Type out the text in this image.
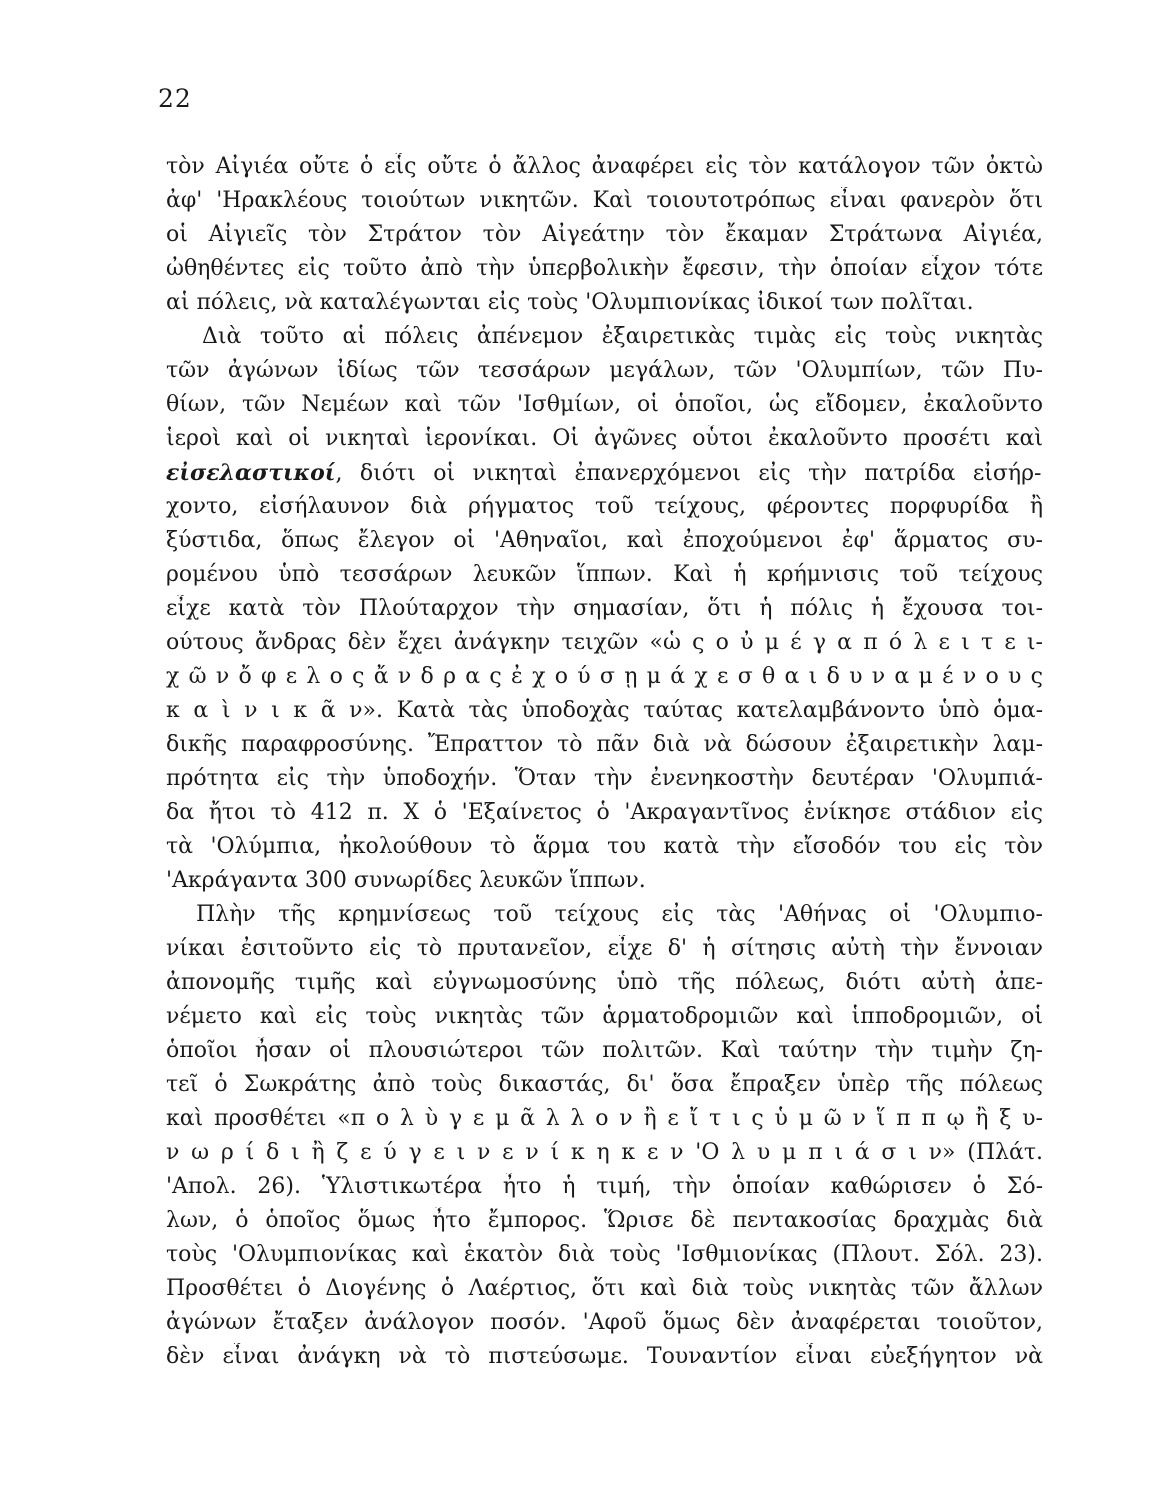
22
τὸν Αἰγιέα οὔτε ὁ εἷς οὔτε ὁ ἄλλος ἀναφέρει εἰς τὸν κατάλογον τῶν ὀκτὼ
ἀφ' 'Ηρακλέους τοιούτων νικητῶν. Καὶ τοιουτοτρόπως εἶναι φανερὸν ὅτι
οἱ Αἰγιεῖς τὸν Στράτον τὸν Αἰγεάτην τὸν ἔκαμαν Στράτωνα Αἰγιέα,
ὠθηθέντες εἰς τοῦτο ἀπὸ τὴν ὑπερβολικὴν ἔφεσιν, τὴν ὁποίαν εἶχον τότε
αἱ πόλεις, νὰ καταλέγωνται εἰς τοὺς 'Ολυμπιονίκας ἰδικοί των πολῖται.
Διὰ τοῦτο αἱ πόλεις ἀπένεμον ἐξαιρετικὰς τιμὰς εἰς τοὺς νικητὰς
τῶν ἀγώνων ἰδίως τῶν τεσσάρων μεγάλων, τῶν 'Ολυμπίων, τῶν Πυ-
θίων, τῶν Νεμέων καὶ τῶν 'Ισθμίων, οἱ ὁποῖοι, ὡς εἴδομεν, ἐκαλοῦντο
ἱεροὶ καὶ οἱ νικηταὶ ἱερονίκαι. Οἱ ἀγῶνες οὗτοι ἐκαλοῦντο προσέτι καὶ
εἰσελαστικοί, διότι οἱ νικηταὶ ἐπανερχόμενοι εἰς τὴν πατρίδα εἰσήρ-
χοντο, εἰσήλαυνον διὰ ρήγματος τοῦ τείχους, φέροντες πορφυρίδα ἢ
ξύστιδα, ὅπως ἔλεγον οἱ 'Αθηναῖοι, καὶ ἐποχούμενοι ἐφ' ἅρματος συ-
ρομένου ὑπὸ τεσσάρων λευκῶν ἵππων. Καὶ ἡ κρήμνισις τοῦ τείχους
εἶχε κατὰ τὸν Πλούταρχον τὴν σημασίαν, ὅτι ἡ πόλις ἡ ἔχουσα τοι-
ούτους ἄνδρας δὲν ἔχει ἀνάγκην τειχῶν «ὡ ς ο ὐ μ έ γ α π ό λ ε ι τ ε ι-
χ ῶ ν ὄ φ ε λ ο ς ἄ ν δ ρ α ς ἐ χ ο ύ σ ῃ μ ά χ ε σ θ α ι δ υ ν α μ έ ν ο υ ς
κ α ὶ ν ι κ ᾶ ν». Κατὰ τὰς ὑποδοχὰς ταύτας κατελαμβάνοντο ὑπὸ ὁμα-
δικῆς παραφροσύνης. Ἔπραττον τὸ πᾶν διὰ νὰ δώσουν ἐξαιρετικὴν λαμ-
πρότητα εἰς τὴν ὑποδοχήν. Ὅταν τὴν ἐνενηκοστὴν δευτέραν 'Ολυμπιά-
δα ἤτοι τὸ 412 π. Χ ὁ 'Εξαίνετος ὁ 'Ακραγαντῖνος ἐνίκησε στάδιον εἰς
τὰ 'Ολύμπια, ἠκολούθουν τὸ ἅρμα του κατὰ τὴν εἴσοδόν του εἰς τὸν
'Ακράγαντα 300 συνωρίδες λευκῶν ἵππων.
Πλὴν τῆς κρημνίσεως τοῦ τείχους εἰς τὰς 'Αθήνας οἱ 'Ολυμπιο-
νίκαι ἐσιτοῦντο εἰς τὸ πρυτανεῖον, εἶχε δ' ἡ σίτησις αὐτὴ τὴν ἔννοιαν
ἀπονομῆς τιμῆς καὶ εὐγνωμοσύνης ὑπὸ τῆς πόλεως, διότι αὐτὴ ἀπε-
νέμετο καὶ εἰς τοὺς νικητὰς τῶν ἁρματοδρομιῶν καὶ ἱπποδρομιῶν, οἱ
ὁποῖοι ἦσαν οἱ πλουσιώτεροι τῶν πολιτῶν. Καὶ ταύτην τὴν τιμὴν ζη-
τεῖ ὁ Σωκράτης ἀπὸ τοὺς δικαστάς, δι' ὅσα ἔπραξεν ὑπὲρ τῆς πόλεως
καὶ προσθέτει «π ο λ ὺ γ ε μ ᾶ λ λ ο ν ἢ ε ἴ τ ι ς ὑ μ ῶ ν ἵ π π ῳ ἢ ξ υ-
ν ω ρ ί δ ι ἢ ζ ε ύ γ ε ι ν ε ν ί κ η κ ε ν 'Ο λ υ μ π ι ά σ ι ν» (Πλάτ.
'Απολ. 26). Ὑλιστικωτέρα ἦτο ἡ τιμή, τὴν ὁποίαν καθώρισεν ὁ Σό-
λων, ὁ ὁποῖος ὅμως ἦτο ἔμπορος. Ὥρισε δὲ πεντακοσίας δραχμὰς διὰ
τοὺς 'Ολυμπιονίκας καὶ ἑκατὸν διὰ τοὺς 'Ισθμιονίκας (Πλουτ. Σόλ. 23).
Προσθέτει ὁ Διογένης ὁ Λαέρτιος, ὅτι καὶ διὰ τοὺς νικητὰς τῶν ἄλλων
ἀγώνων ἔταξεν ἀνάλογον ποσόν. 'Αφοῦ ὅμως δὲν ἀναφέρεται τοιοῦτον,
δὲν εἶναι ἀνάγκη νὰ τὸ πιστεύσωμε. Τουναντίον εἶναι εὐεξήγητον νὰ
